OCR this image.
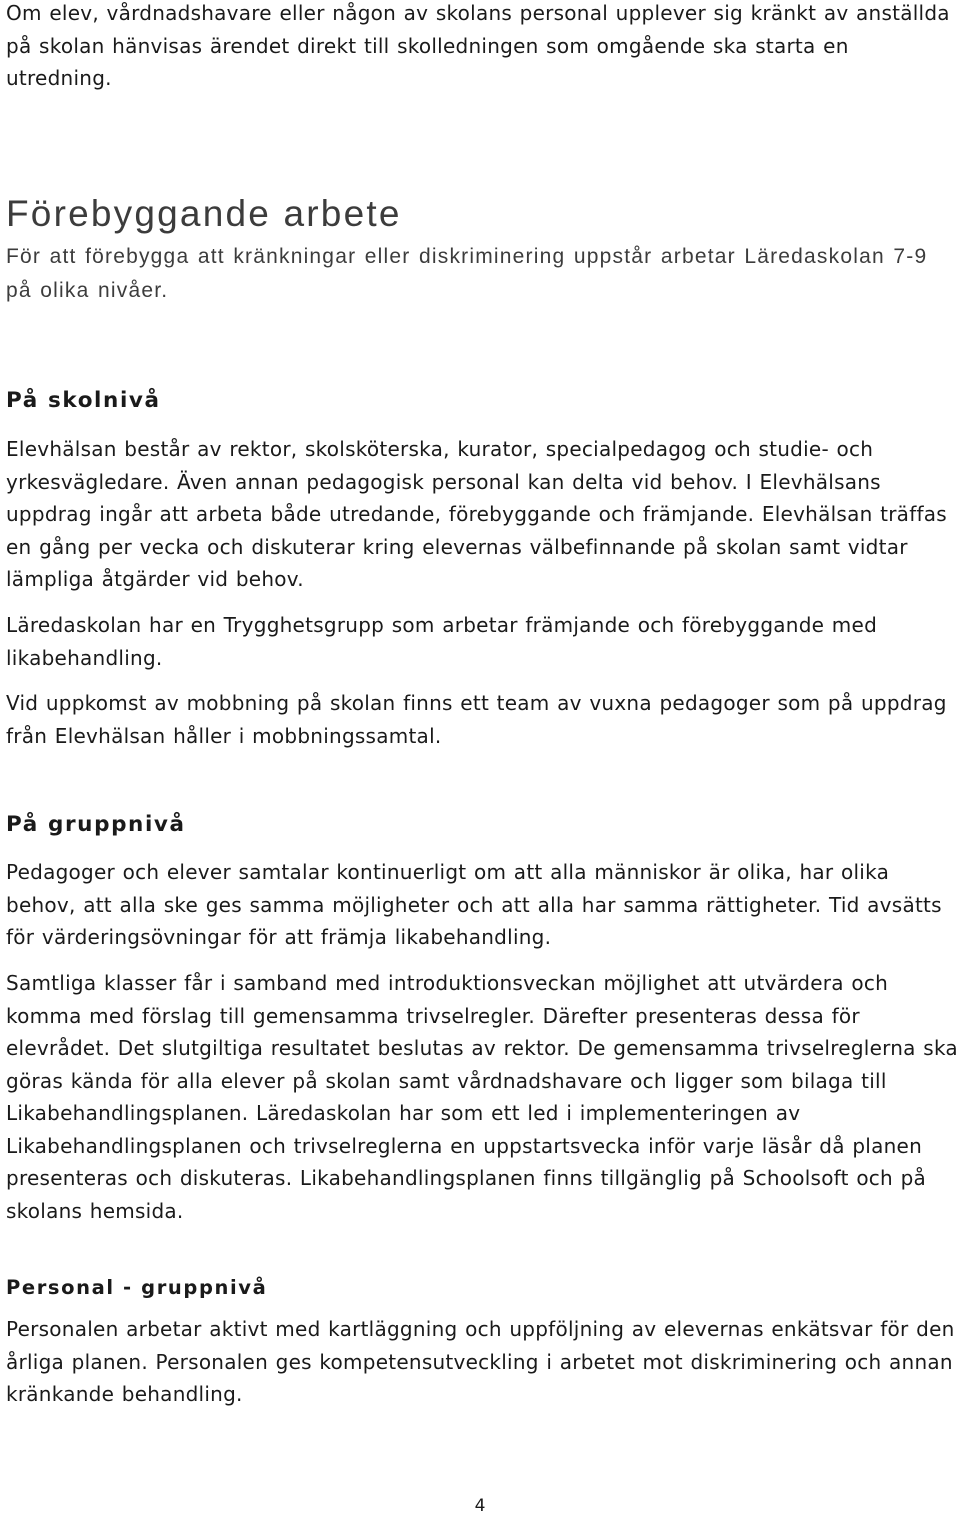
Om elev, vårdnadshavare eller någon av skolans personal upplever sig kränkt av anställda på skolan hänvisas ärendet direkt till skolledningen som omgående ska starta en utredning.

Förebyggande arbete

För att förebygga att kränkningar eller diskriminering uppstår arbetar Läredaskolan 7-9 på olika nivåer.

På skolnivå

Elevhälsan består av rektor, skolsköterska, kurator, specialpedagog och studie- och yrkesvägledare. Även annan pedagogisk personal kan delta vid behov. I Elevhälsans uppdrag ingår att arbeta både utredande, förebyggande och främjande. Elevhälsan träffas en gång per vecka och diskuterar kring elevernas välbefinnande på skolan samt vidtar lämpliga åtgärder vid behov.

Läredaskolan har en Trygghetsgrupp som arbetar främjande och förebyggande med likabehandling.

Vid uppkomst av mobbning på skolan finns ett team av vuxna pedagoger som på uppdrag från Elevhälsan håller i mobbningssamtal.

På gruppnivå

Pedagoger och elever samtalar kontinuerligt om att alla människor är olika, har olika behov, att alla ske ges samma möjligheter och att alla har samma rättigheter. Tid avsätts för värderingsövningar för att främja likabehandling.

Samtliga klasser får i samband med introduktionsveckan möjlighet att utvärdera och komma med förslag till gemensamma trivselregler. Därefter presenteras dessa för elevrådet. Det slutgiltiga resultatet beslutas av rektor. De gemensamma trivselreglerna ska göras kända för alla elever på skolan samt vårdnadshavare och ligger som bilaga till Likabehandlingsplanen. Läredaskolan har som ett led i implementeringen av Likabehandlingsplanen och trivselreglerna en uppstartsvecka inför varje läsår då planen presenteras och diskuteras. Likabehandlingsplanen finns tillgänglig på Schoolsoft och på skolans hemsida.

Personal - gruppnivå

Personalen arbetar aktivt med kartläggning och uppföljning av elevernas enkätsvar för den årliga planen. Personalen ges kompetensutveckling i arbetet mot diskriminering och annan kränkande behandling.

4
